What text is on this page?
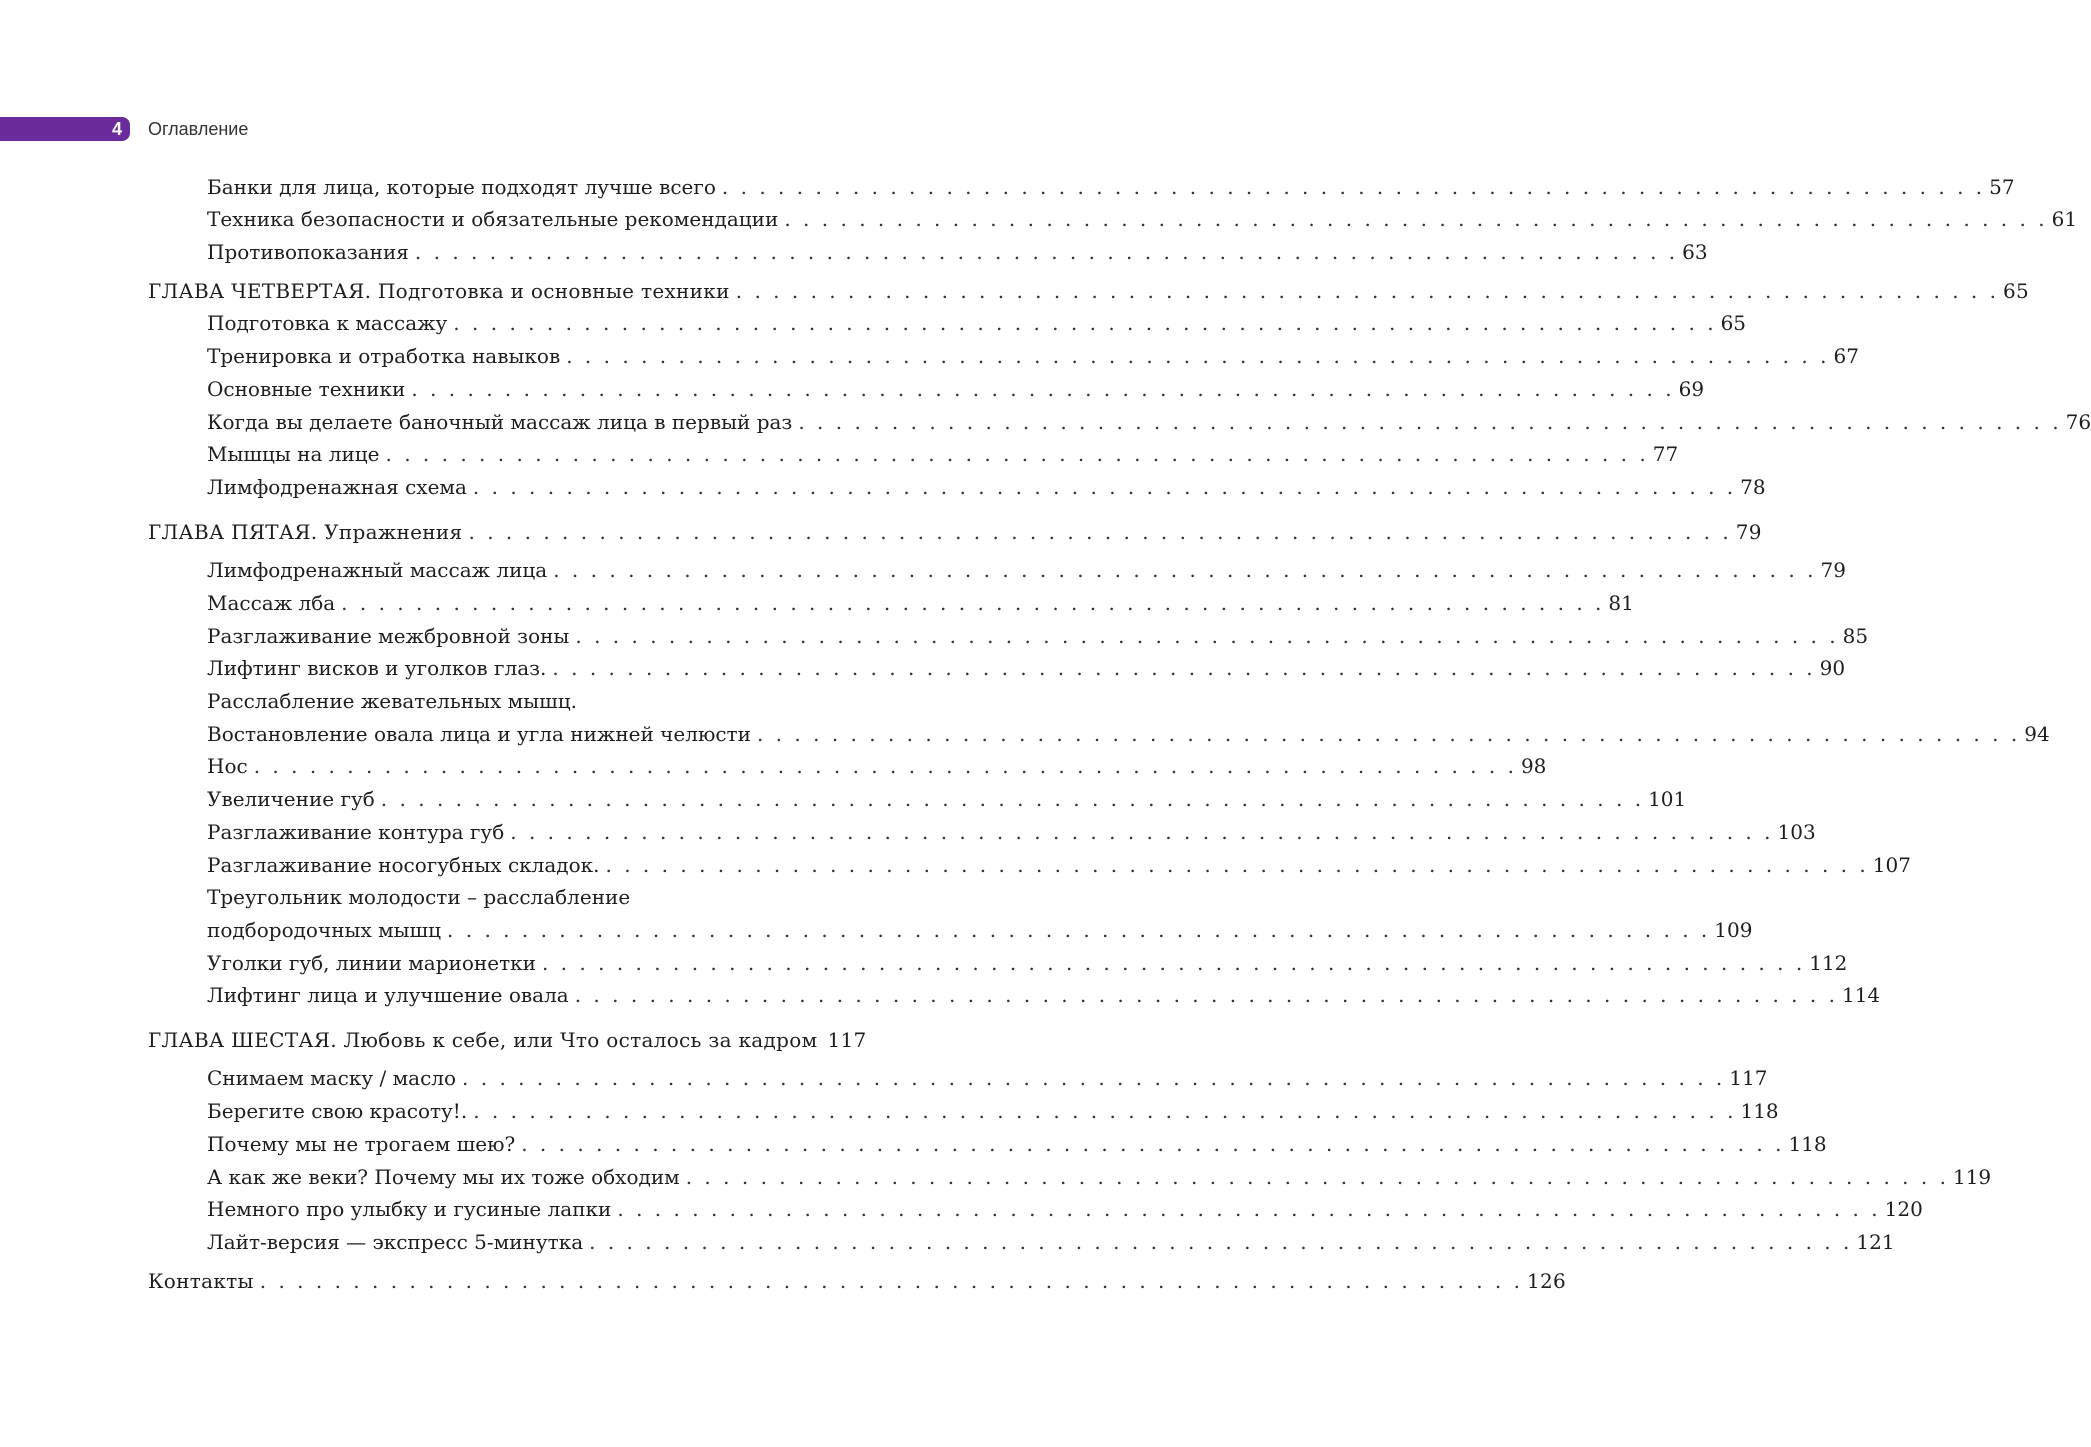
4 Оглавление
Банки для лица, которые подходят лучше всего . . .	57
Техника безопасности и обязательные рекомендации . . .	61
Противопоказания . . .	63
ГЛАВА ЧЕТВЕРТАЯ. Подготовка и основные техники . . .	65
Подготовка к массажу . . .	65
Тренировка и отработка навыков . . .	67
Основные техники . . .	69
Когда вы делаете баночный массаж лица в первый раз . . .	76
Мышцы на лице . . .	77
Лимфодренажная схема . . .	78
ГЛАВА ПЯТАЯ. Упражнения . . .	79
Лимфодренажный массаж лица . . .	79
Массаж лба . . .	81
Разглаживание межбровной зоны . . .	85
Лифтинг висков и уголков глаз. . . .	90
Расслабление жевательных мышц.
Востановление овала лица и угла нижней челюсти . . .	94
Нос . . .	98
Увеличение губ . . .	101
Разглаживание контура губ . . .	103
Разглаживание носогубных складок. . . .	107
Треугольник молодости – расслабление
подбородочных мышц . . .	109
Уголки губ, линии марионетки . . .	112
Лифтинг лица и улучшение овала . . .	114
ГЛАВА ШЕСТАЯ. Любовь к себе, или Что осталось за кадром 117
Снимаем маску / масло . . .	117
Берегите свою красоту!. . . .	118
Почему мы не трогаем шею? . . .	118
А как же веки? Почему мы их тоже обходим . . .	119
Немного про улыбку и гусиные лапки . . .	120
Лайт-версия — экспресс 5-минутка . . .	121
Контакты . . .	126
